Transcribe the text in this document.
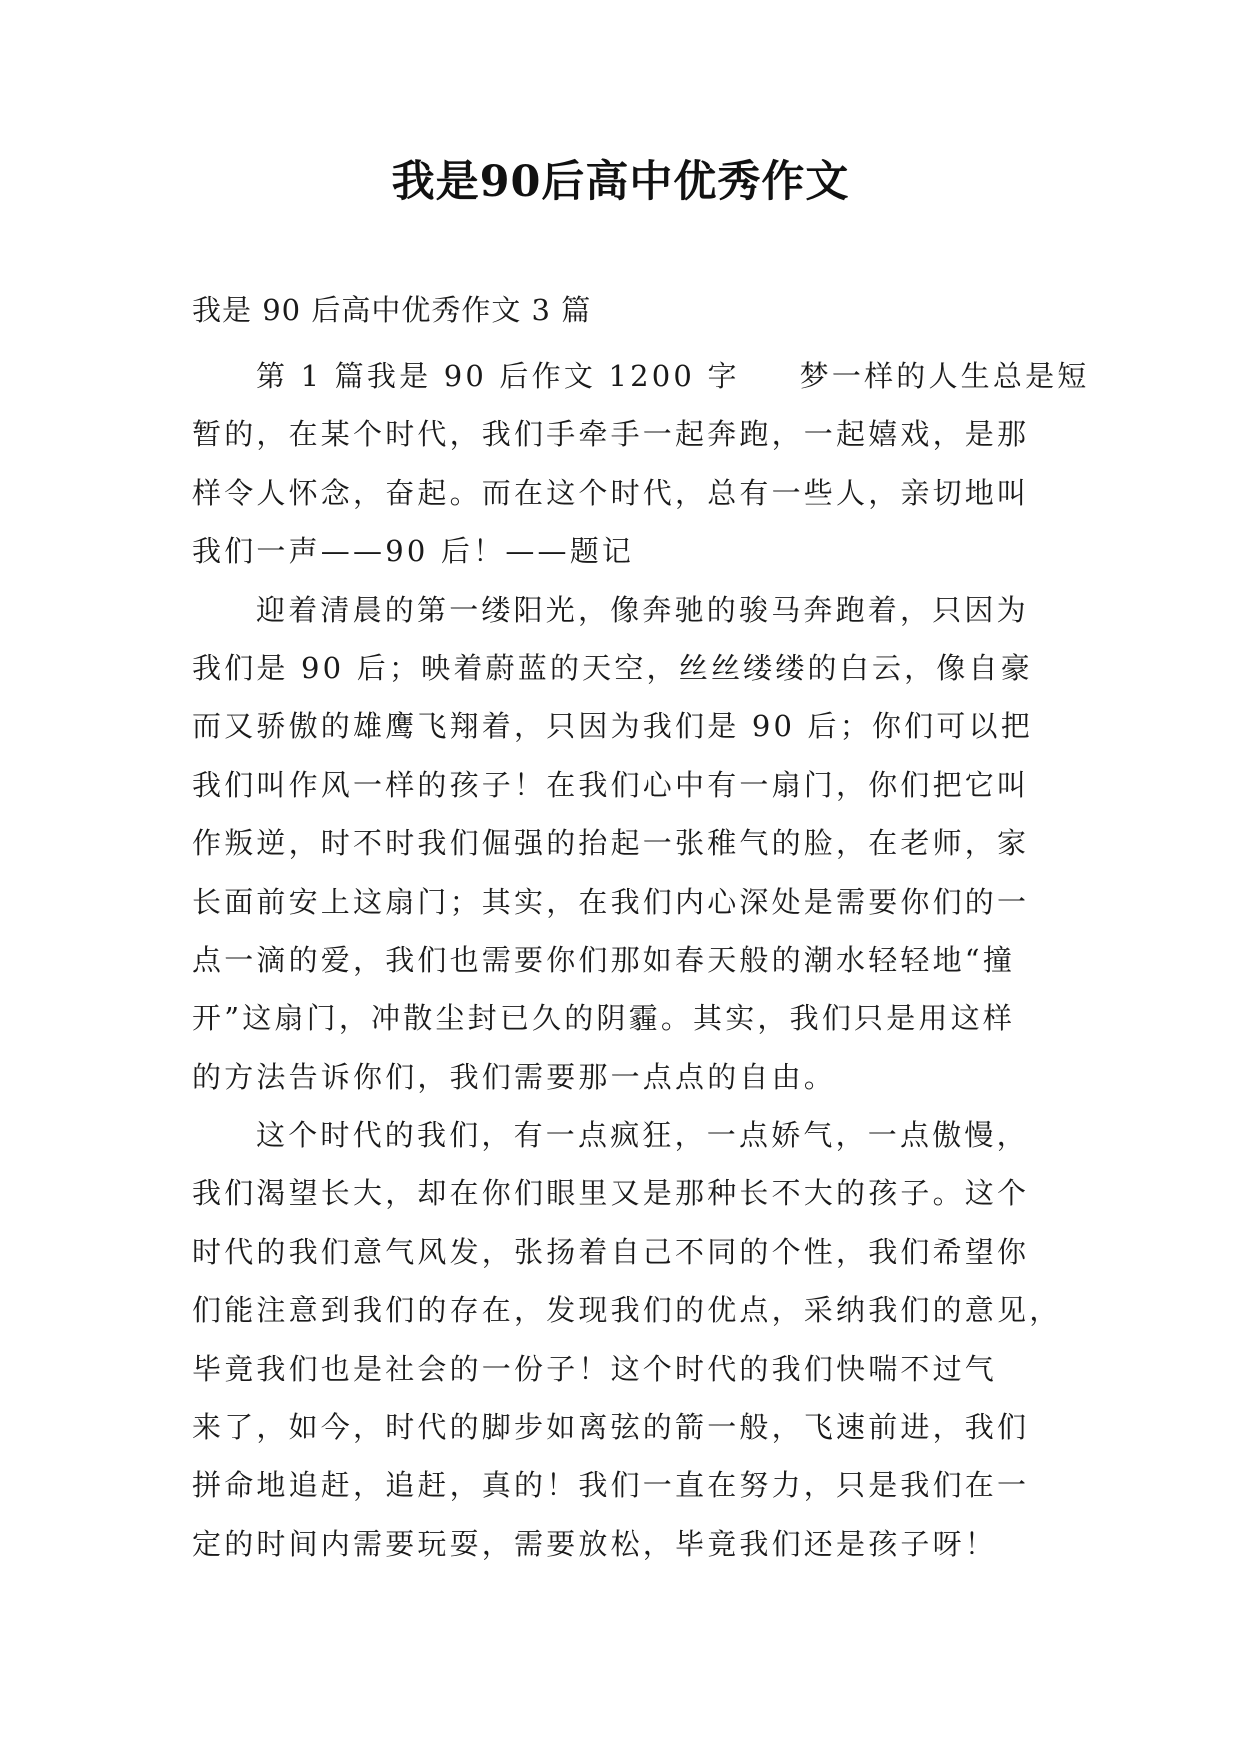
我是90后高中优秀作文
我是 90 后高中优秀作文 3 篇
第 1 篇我是 90 后作文 1200 字 梦一样的人生总是短
暂的，在某个时代，我们手牵手一起奔跑，一起嬉戏，是那
样令人怀念，奋起。而在这个时代，总有一些人，亲切地叫
我们一声——90 后！——题记
迎着清晨的第一缕阳光，像奔驰的骏马奔跑着，只因为
我们是 90 后；映着蔚蓝的天空，丝丝缕缕的白云，像自豪
而又骄傲的雄鹰飞翔着，只因为我们是 90 后；你们可以把
我们叫作风一样的孩子！在我们心中有一扇门，你们把它叫
作叛逆，时不时我们倔强的抬起一张稚气的脸，在老师，家
长面前安上这扇门；其实，在我们内心深处是需要你们的一
点一滴的爱，我们也需要你们那如春天般的潮水轻轻地“撞
开”这扇门，冲散尘封已久的阴霾。其实，我们只是用这样
的方法告诉你们，我们需要那一点点的自由。
这个时代的我们，有一点疯狂，一点娇气，一点傲慢，
我们渴望长大，却在你们眼里又是那种长不大的孩子。这个
时代的我们意气风发，张扬着自己不同的个性，我们希望你
们能注意到我们的存在，发现我们的优点，采纳我们的意见，
毕竟我们也是社会的一份子！这个时代的我们快喘不过气
来了，如今，时代的脚步如离弦的箭一般，飞速前进，我们
拼命地追赶，追赶，真的！我们一直在努力，只是我们在一
定的时间内需要玩耍，需要放松，毕竟我们还是孩子呀！
